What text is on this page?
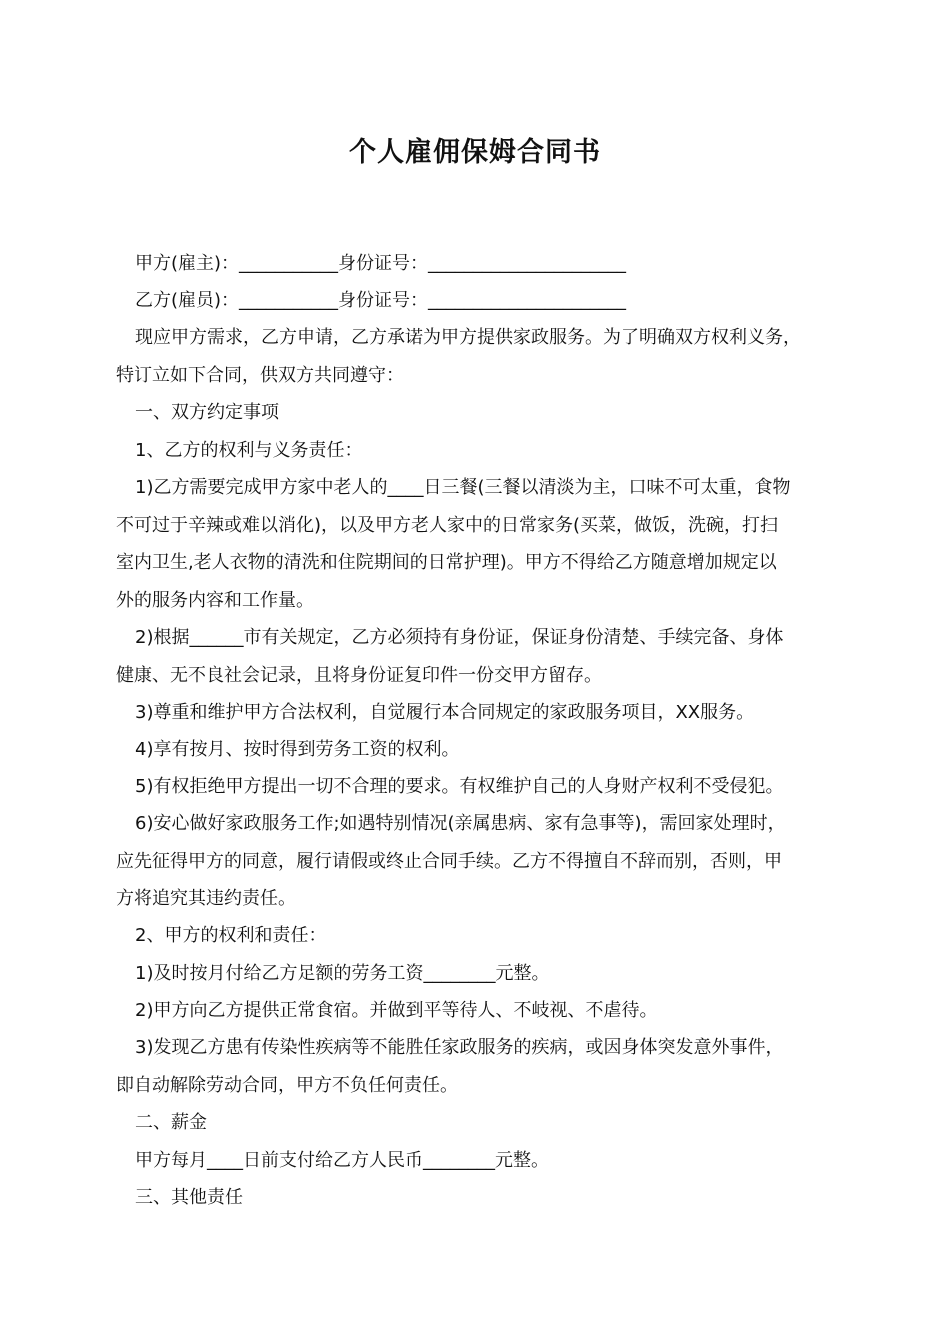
个人雇佣保姆合同书
甲方(雇主)：___________身份证号：______________________
乙方(雇员)：___________身份证号：______________________
现应甲方需求，乙方申请，乙方承诺为甲方提供家政服务。为了明确双方权利义务，
特订立如下合同，供双方共同遵守：
一、双方约定事项
1、乙方的权利与义务责任：
1)乙方需要完成甲方家中老人的____日三餐(三餐以清淡为主，口味不可太重，食物
不可过于辛辣或难以消化)，以及甲方老人家中的日常家务(买菜，做饭，洗碗，打扫
室内卫生,老人衣物的清洗和住院期间的日常护理)。甲方不得给乙方随意增加规定以
外的服务内容和工作量。
2)根据______市有关规定，乙方必须持有身份证，保证身份清楚、手续完备、身体
健康、无不良社会记录，且将身份证复印件一份交甲方留存。
3)尊重和维护甲方合法权利，自觉履行本合同规定的家政服务项目，XX服务。
4)享有按月、按时得到劳务工资的权利。
5)有权拒绝甲方提出一切不合理的要求。有权维护自己的人身财产权利不受侵犯。
6)安心做好家政服务工作;如遇特别情况(亲属患病、家有急事等)，需回家处理时，
应先征得甲方的同意，履行请假或终止合同手续。乙方不得擅自不辞而别，否则，甲
方将追究其违约责任。
2、甲方的权利和责任：
1)及时按月付给乙方足额的劳务工资________元整。
2)甲方向乙方提供正常食宿。并做到平等待人、不岐视、不虐待。
3)发现乙方患有传染性疾病等不能胜任家政服务的疾病，或因身体突发意外事件，
即自动解除劳动合同，甲方不负任何责任。
二、薪金
甲方每月____日前支付给乙方人民币________元整。
三、其他责任
